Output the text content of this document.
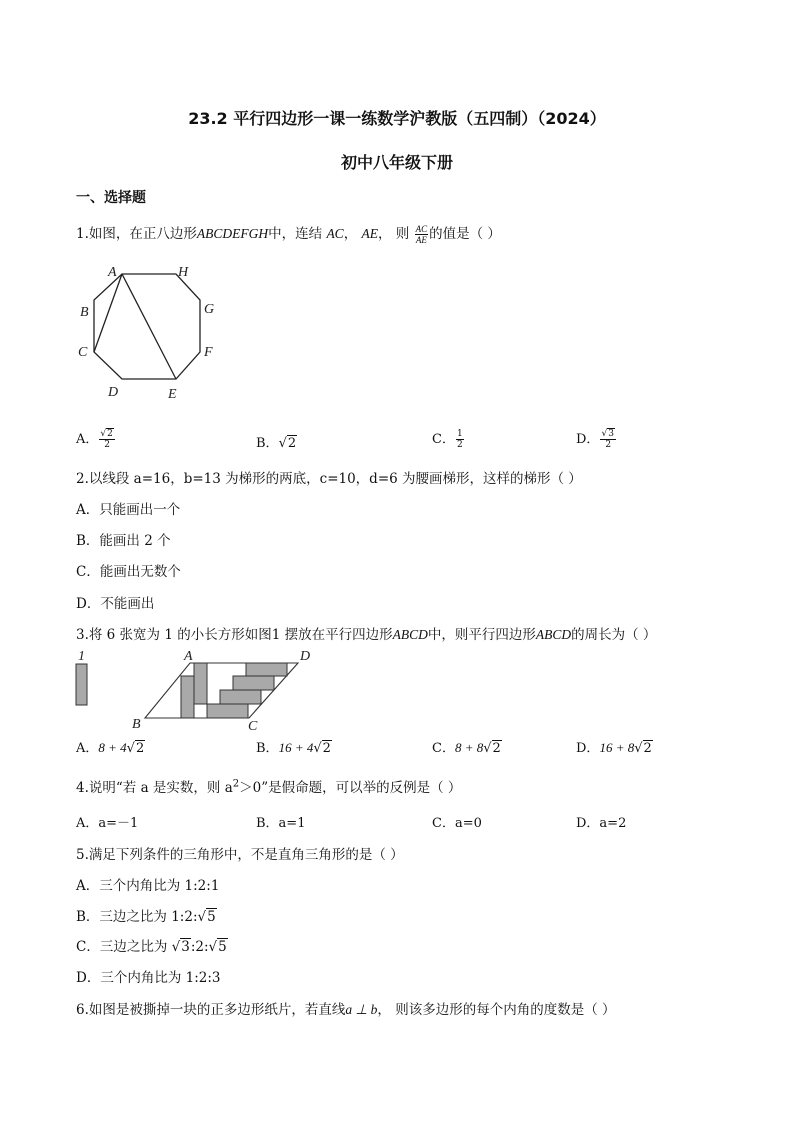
23.2 平行四边形一课一练数学沪教版（五四制）（2024）
初中八年级下册
一、选择题
1.如图，在正八边形ABCDEFGH中，连结 AC， AE， 则 $\frac{AC}{AE}$ 的值是（ ）
A	H
B	G
C	F
D	E
A． $\frac{√2}{2}$	B．√2	C． $\frac{1}{2}$	D． $\frac{√3}{2}$
2.以线段 a=16，b=13 为梯形的两底，c=10，d=6 为腰画梯形，这样的梯形（ ）
A．只能画出一个
B．能画出 2 个
C．能画出无数个
D．不能画出
3.将 6 张宽为 1 的小长方形如图1 摆放在平行四边形ABCD中，则平行四边形ABCD的周长为（ ）
1	A	D
B	C
A．8 + 4√2	B．16 + 4√2	C．8 + 8√2	D．16 + 8√2
4.说明“若 a 是实数，则 $a^2>0$”是假命题，可以举的反例是（ ）
A．a=－1	B．a=1	C．a=0	D．a=2
5.满足下列条件的三角形中，不是直角三角形的是（ ）
A．三个内角比为 1:2:1
B．三边之比为 1:2:√5
C．三边之比为 √3:2:√5
D．三个内角比为 1:2:3
6.如图是被撕掉一块的正多边形纸片，若直线a ⊥ b， 则该多边形的每个内角的度数是（ ）
